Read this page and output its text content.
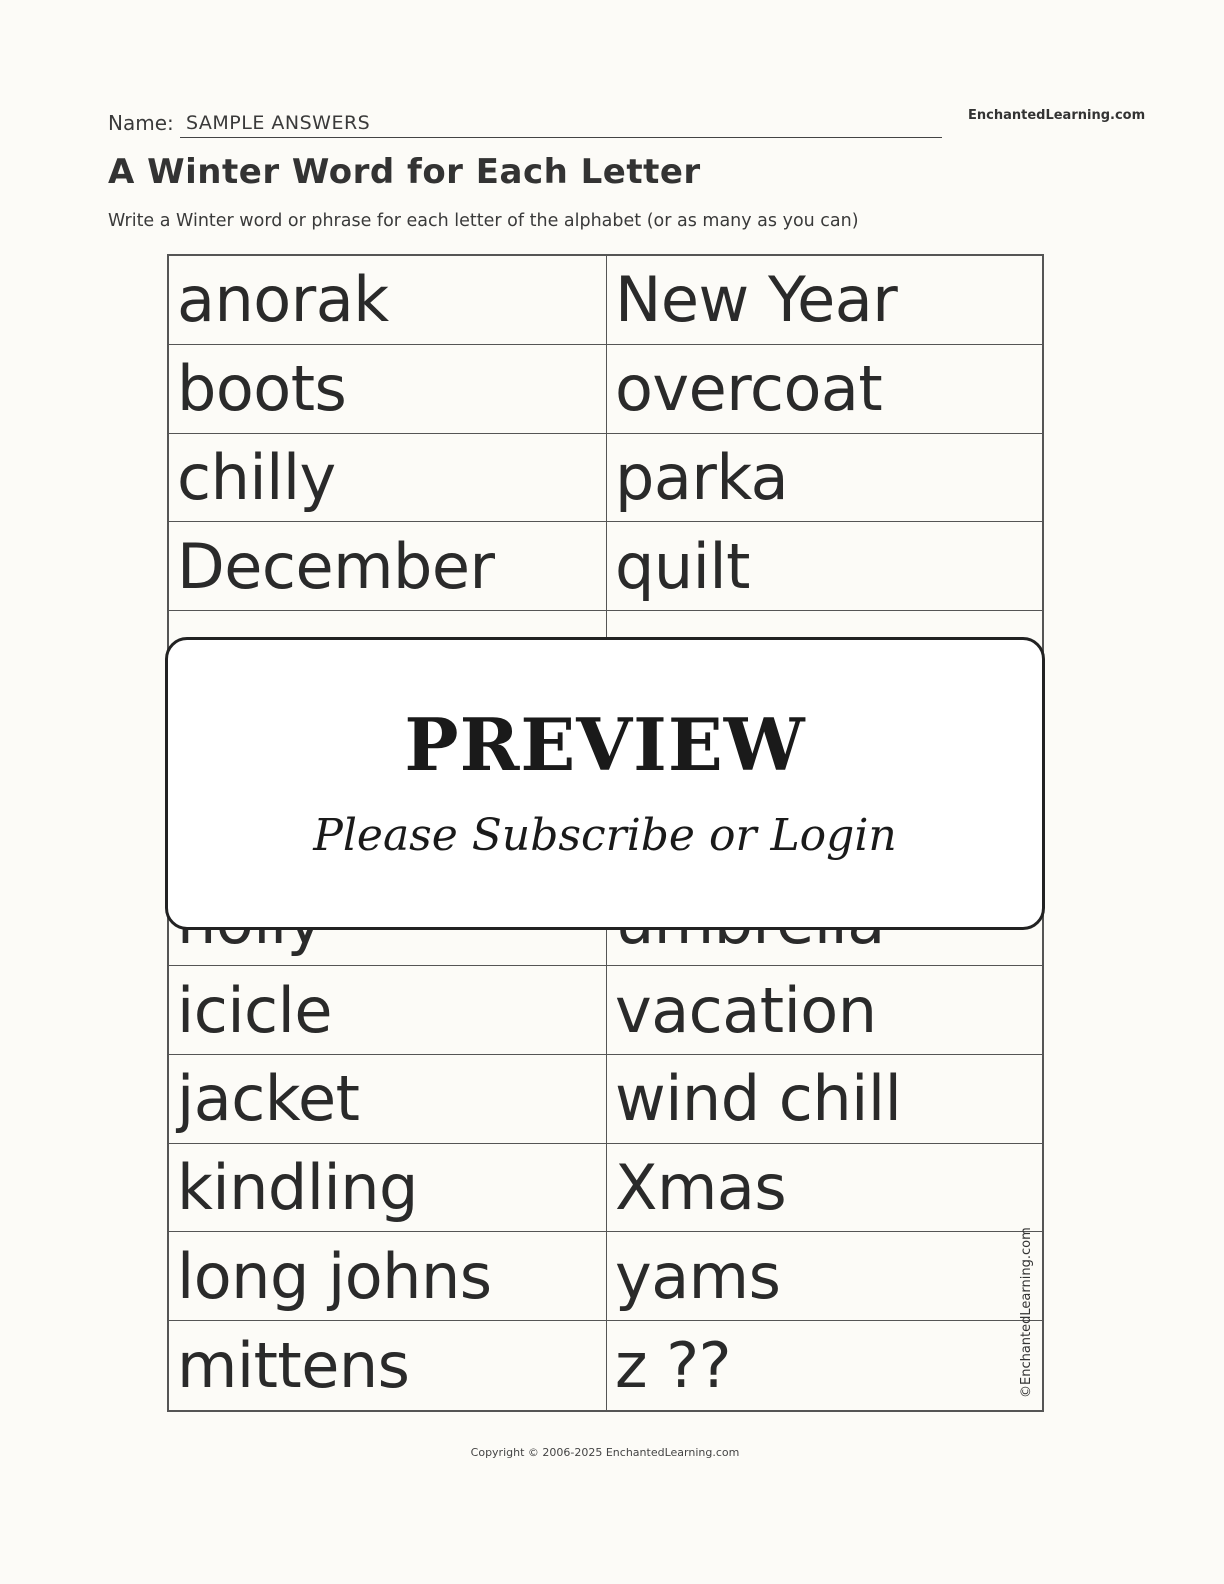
Name: SAMPLE ANSWERS	EnchantedLearning.com
A Winter Word for Each Letter
Write a Winter word or phrase for each letter of the alphabet (or as many as you can)
anorak	New Year
boots	overcoat
chilly	parka
December	quilt
icicle	vacation
jacket	wind chill
kindling	Xmas
long johns	yams
mittens	z ??	©EnchantedLearning.com
PREVIEW
Please Subscribe or Login
Copyright © 2006-2025 EnchantedLearning.com
